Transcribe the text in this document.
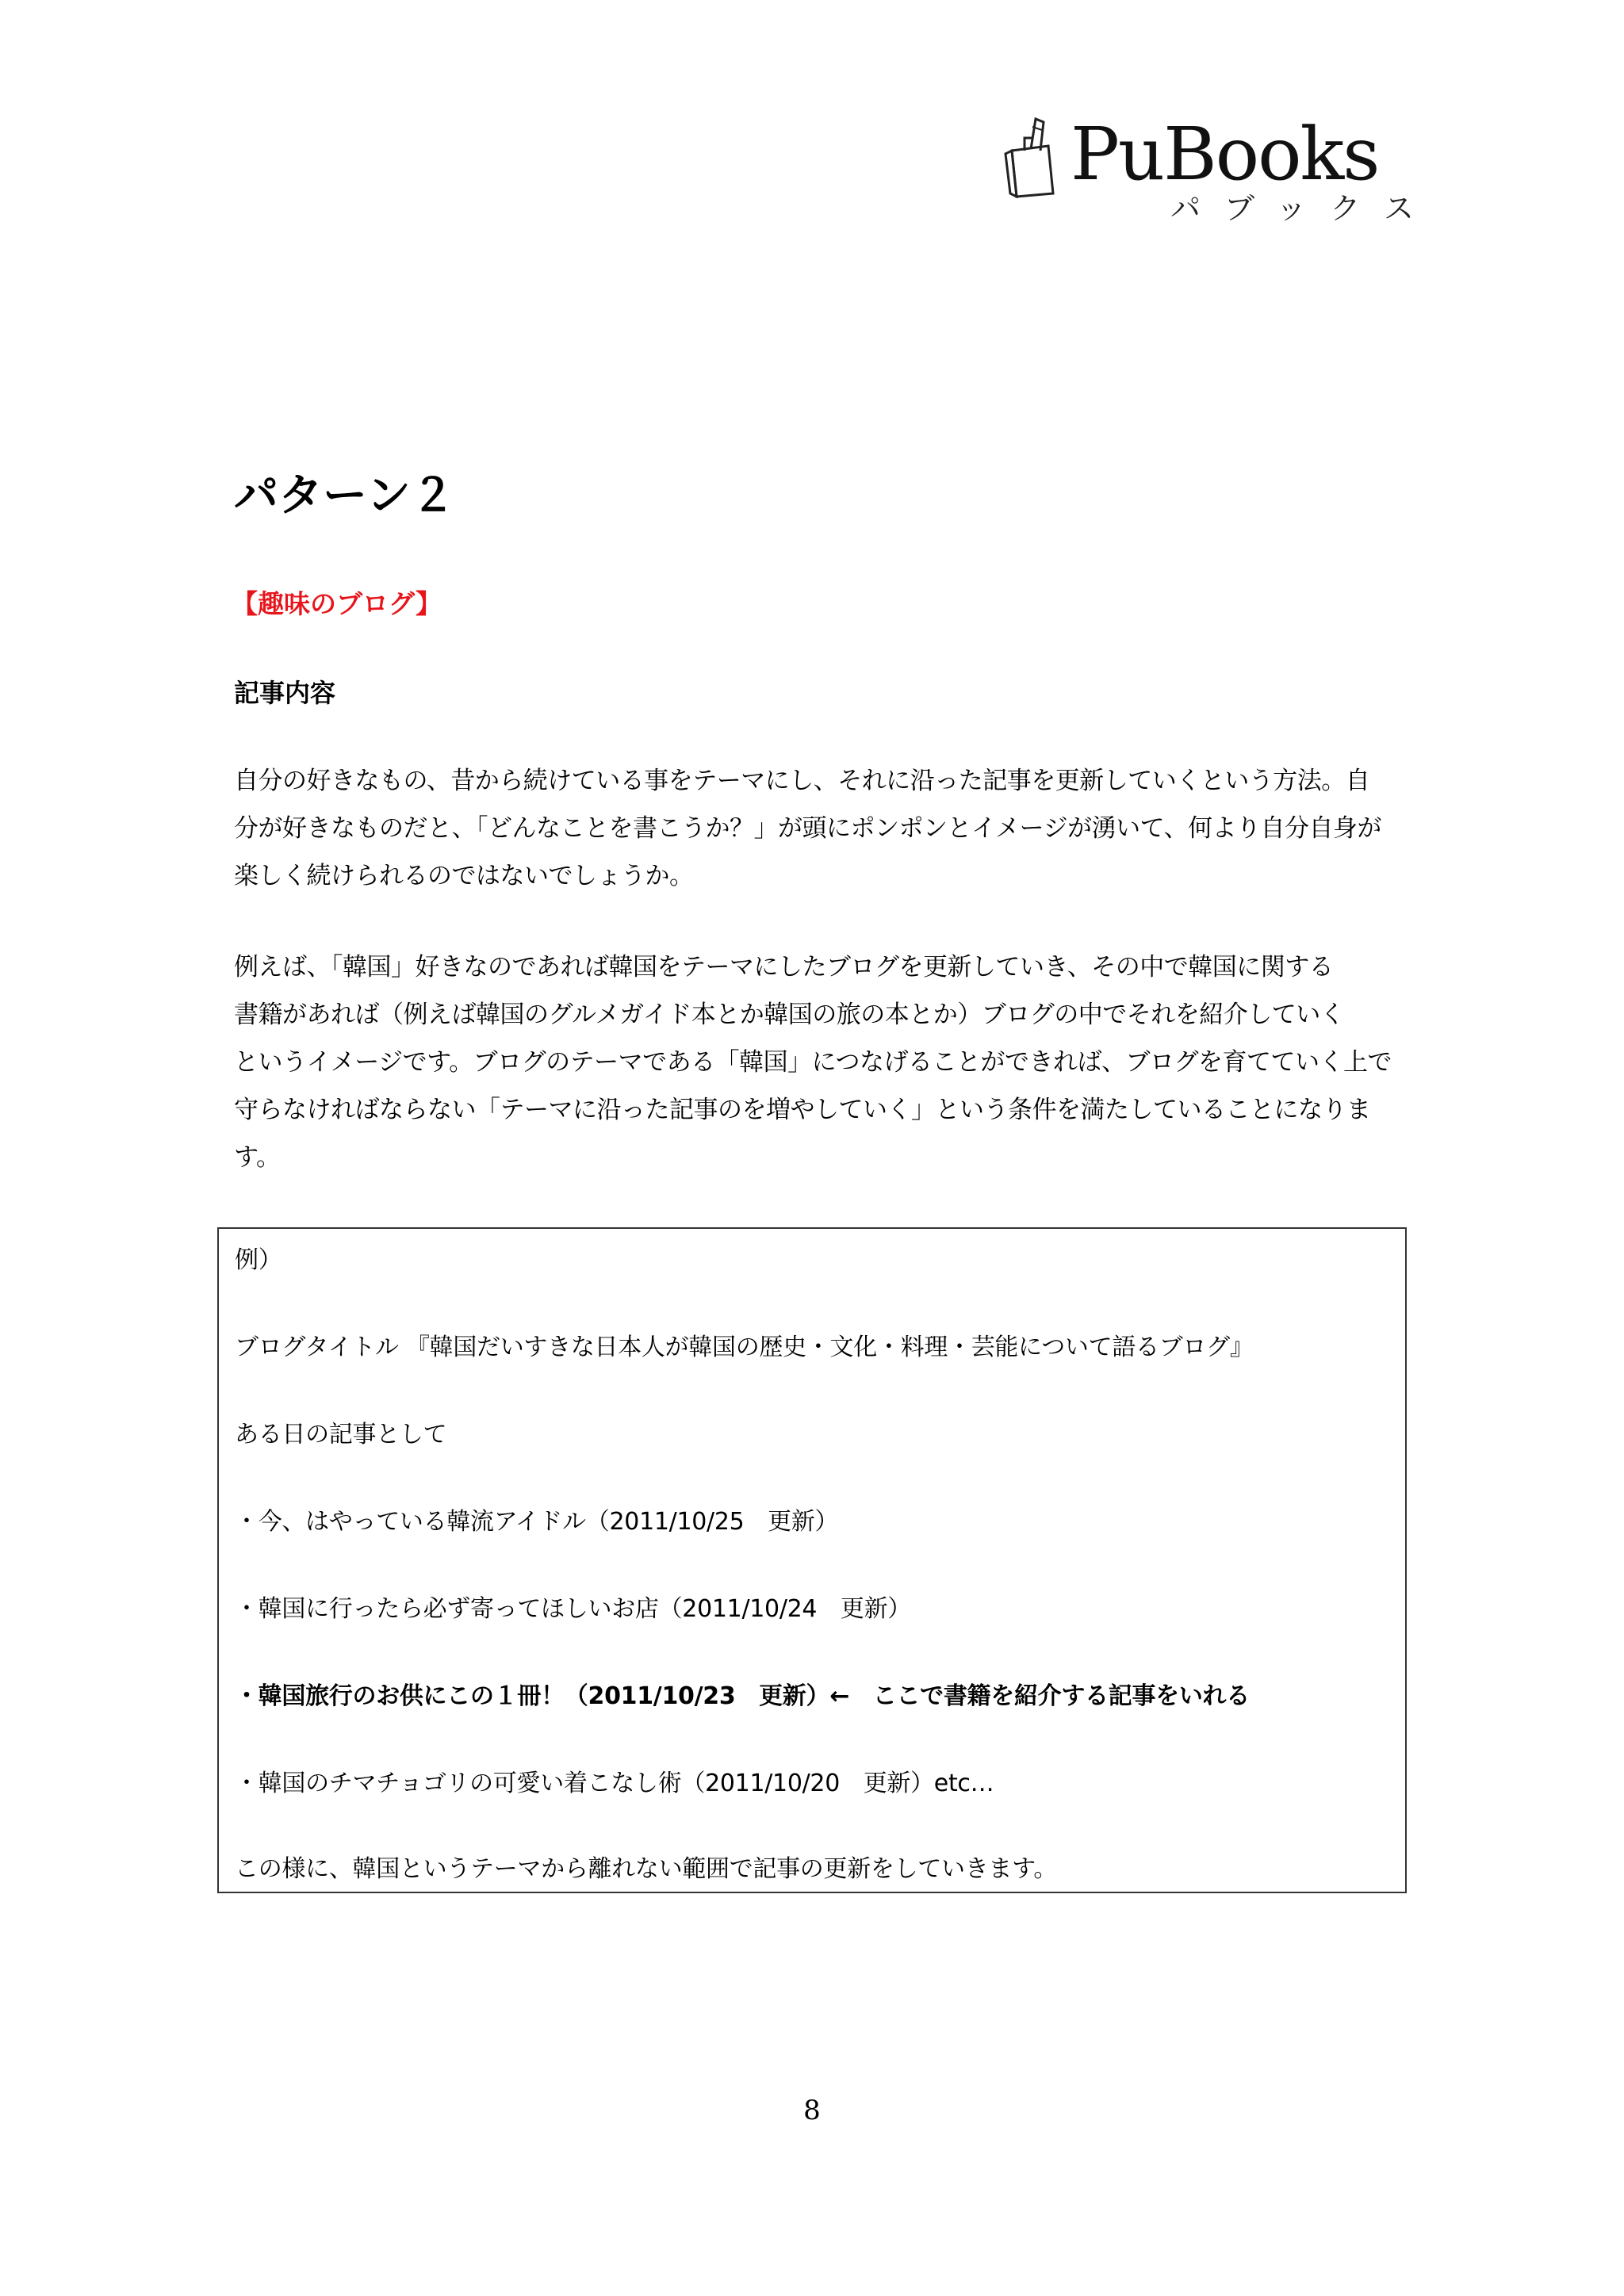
PuBooks
パブックス
パターン２
【趣味のブログ】
記事内容
自分の好きなもの、昔から続けている事をテーマにし、それに沿った記事を更新していくという方法。自
分が好きなものだと、「どんなことを書こうか？」が頭にポンポンとイメージが湧いて、何より自分自身が
楽しく続けられるのではないでしょうか。
例えば、「韓国」好きなのであれば韓国をテーマにしたブログを更新していき、その中で韓国に関する
書籍があれば（例えば韓国のグルメガイド本とか韓国の旅の本とか）ブログの中でそれを紹介していく
というイメージです。ブログのテーマである「韓国」につなげることができれば、ブログを育てていく上で
守らなければならない「テーマに沿った記事のを増やしていく」という条件を満たしていることになりま
す。
例）
ブログタイトル 『韓国だいすきな日本人が韓国の歴史・文化・料理・芸能について語るブログ』
ある日の記事として
・今、はやっている韓流アイドル（2011/10/25　更新）
・韓国に行ったら必ず寄ってほしいお店（2011/10/24　更新）
・韓国旅行のお供にこの１冊！（2011/10/23　更新）←　ここで書籍を紹介する記事をいれる
・韓国のチマチョゴリの可愛い着こなし術（2011/10/20　更新）etc…
この様に、韓国というテーマから離れない範囲で記事の更新をしていきます。
8
